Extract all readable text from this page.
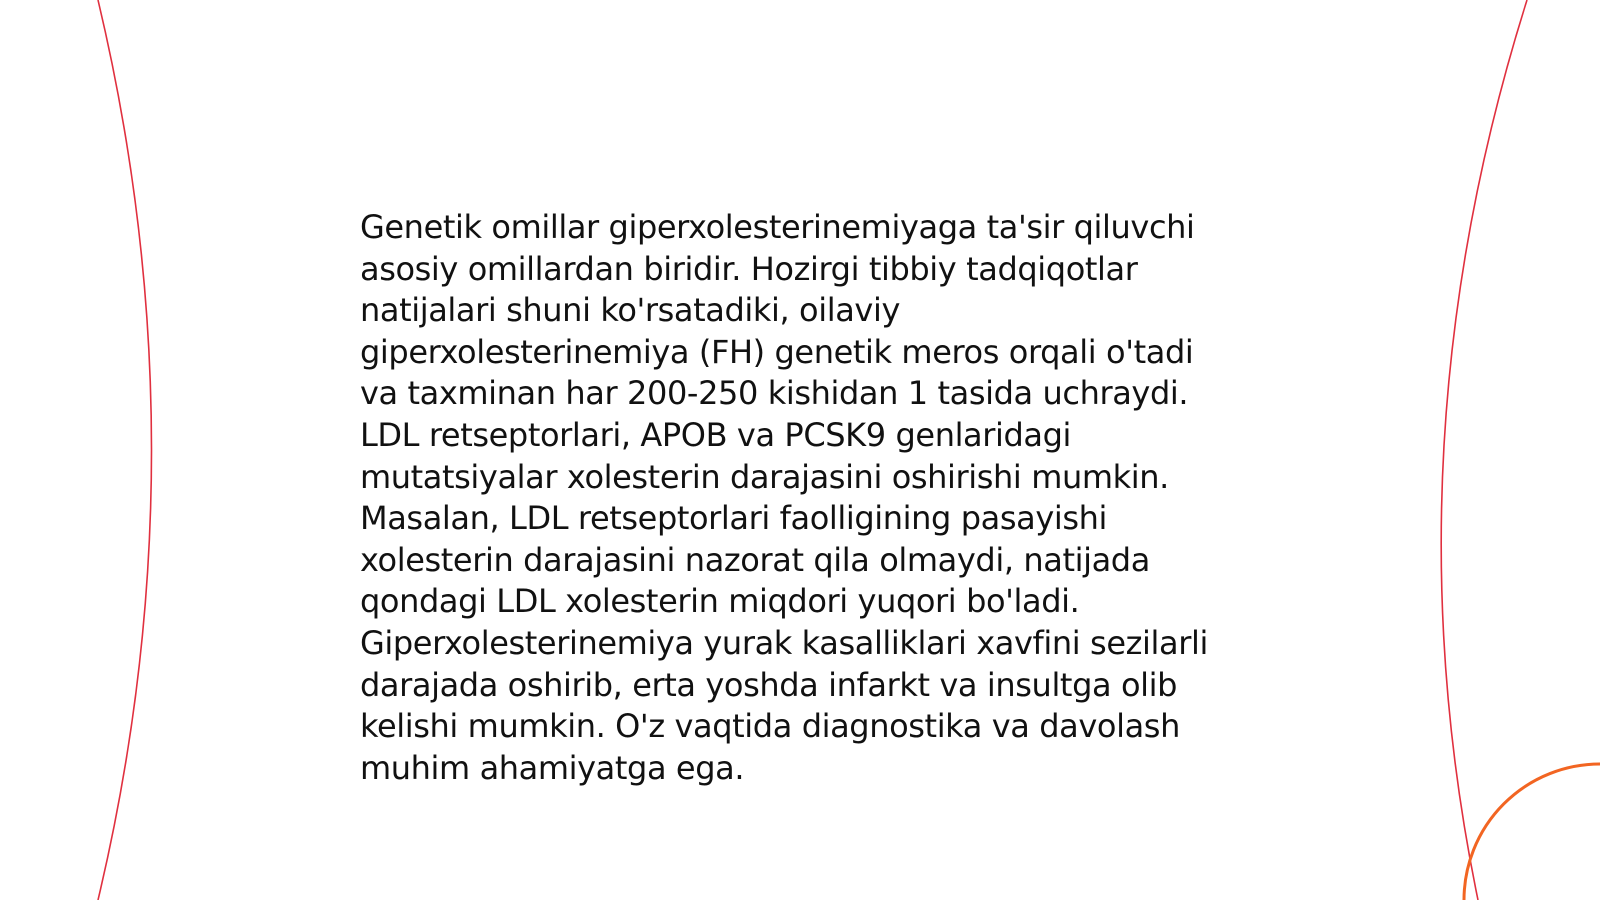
Genetik omillar giperxolesterinemiyaga ta'sir qiluvchi
asosiy omillardan biridir. Hozirgi tibbiy tadqiqotlar
natijalari shuni ko'rsatadiki, oilaviy
giperxolesterinemiya (FH) genetik meros orqali o'tadi
va taxminan har 200-250 kishidan 1 tasida uchraydi.
LDL retseptorlari, APOB va PCSK9 genlaridagi
mutatsiyalar xolesterin darajasini oshirishi mumkin.
Masalan, LDL retseptorlari faolligining pasayishi
xolesterin darajasini nazorat qila olmaydi, natijada
qondagi LDL xolesterin miqdori yuqori bo'ladi.
Giperxolesterinemiya yurak kasalliklari xavfini sezilarli
darajada oshirib, erta yoshda infarkt va insultga olib
kelishi mumkin. O'z vaqtida diagnostika va davolash
muhim ahamiyatga ega.
